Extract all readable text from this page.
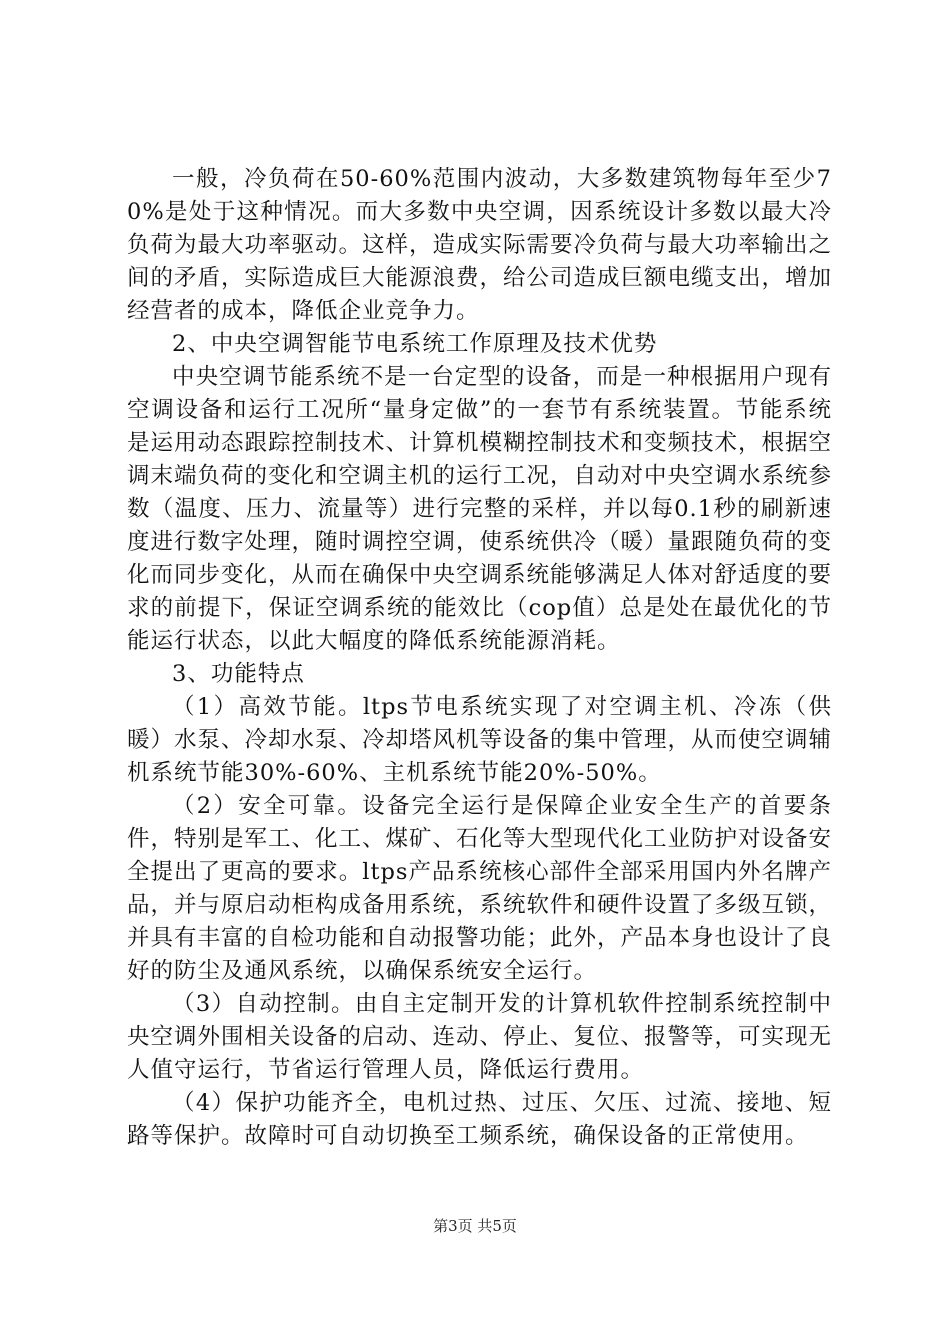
一般，冷负荷在50-60%范围内波动，大多数建筑物每年至少70%是处于这种情况。而大多数中央空调，因系统设计多数以最大冷负荷为最大功率驱动。这样，造成实际需要冷负荷与最大功率输出之间的矛盾，实际造成巨大能源浪费，给公司造成巨额电缆支出，增加经营者的成本，降低企业竞争力。

2、中央空调智能节电系统工作原理及技术优势

中央空调节能系统不是一台定型的设备，而是一种根据用户现有空调设备和运行工况所“量身定做”的一套节有系统装置。节能系统是运用动态跟踪控制技术、计算机模糊控制技术和变频技术，根据空调末端负荷的变化和空调主机的运行工况，自动对中央空调水系统参数（温度、压力、流量等）进行完整的采样，并以每0.1秒的刷新速度进行数字处理，随时调控空调，使系统供冷（暖）量跟随负荷的变化而同步变化，从而在确保中央空调系统能够满足人体对舒适度的要求的前提下，保证空调系统的能效比（cop值）总是处在最优化的节能运行状态，以此大幅度的降低系统能源消耗。

3、功能特点

（1）高效节能。ltps节电系统实现了对空调主机、冷冻（供暖）水泵、冷却水泵、冷却塔风机等设备的集中管理，从而使空调辅机系统节能30%-60%、主机系统节能20%-50%。

（2）安全可靠。设备完全运行是保障企业安全生产的首要条件，特别是军工、化工、煤矿、石化等大型现代化工业防护对设备安全提出了更高的要求。ltps产品系统核心部件全部采用国内外名牌产品，并与原启动柜构成备用系统，系统软件和硬件设置了多级互锁，并具有丰富的自检功能和自动报警功能；此外，产品本身也设计了良好的防尘及通风系统，以确保系统安全运行。

（3）自动控制。由自主定制开发的计算机软件控制系统控制中央空调外围相关设备的启动、连动、停止、复位、报警等，可实现无人值守运行，节省运行管理人员，降低运行费用。

（4）保护功能齐全，电机过热、过压、欠压、过流、接地、短路等保护。故障时可自动切换至工频系统，确保设备的正常使用。

第3页 共5页
